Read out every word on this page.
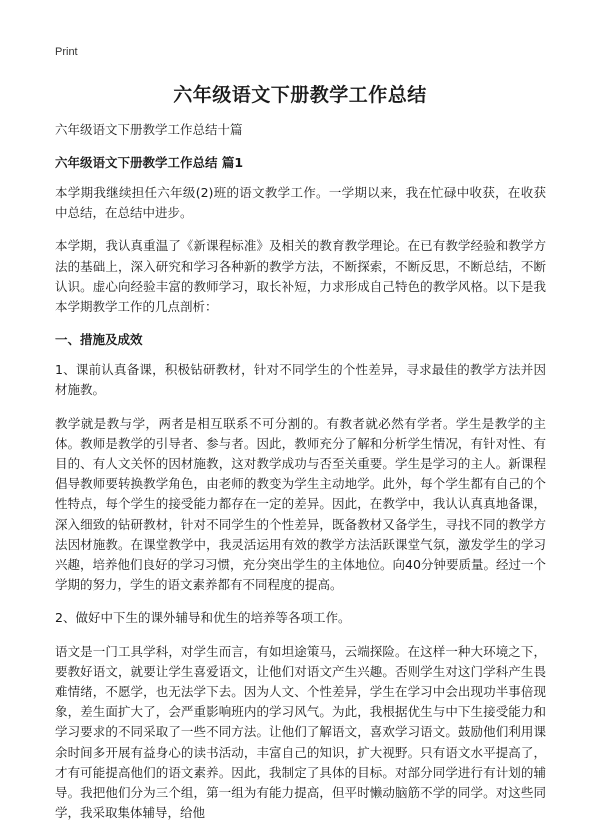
Print
六年级语文下册教学工作总结

六年级语文下册教学工作总结十篇

六年级语文下册教学工作总结 篇1

本学期我继续担任六年级(2)班的语文教学工作。一学期以来，我在忙碌中收获，在收获中总结，在总结中进步。

本学期，我认真重温了《新课程标准》及相关的教育教学理论。在已有教学经验和教学方法的基础上，深入研究和学习各种新的教学方法，不断探索，不断反思，不断总结，不断认识。虚心向经验丰富的教师学习，取长补短，力求形成自己特色的教学风格。以下是我本学期教学工作的几点剖析：

一、措施及成效

1、课前认真备课，积极钻研教材，针对不同学生的个性差异，寻求最佳的教学方法并因材施教。

教学就是教与学，两者是相互联系不可分割的。有教者就必然有学者。学生是教学的主体。教师是教学的引导者、参与者。因此，教师充分了解和分析学生情况，有针对性、有目的、有人文关怀的因材施教，这对教学成功与否至关重要。学生是学习的主人。新课程倡导教师要转换教学角色，由老师的教变为学生主动地学。此外，每个学生都有自己的个性特点，每个学生的接受能力都存在一定的差异。因此，在教学中，我认认真真地备课，深入细致的钻研教材，针对不同学生的个性差异，既备教材又备学生，寻找不同的教学方法因材施教。在课堂教学中，我灵活运用有效的教学方法活跃课堂气氛，激发学生的学习兴趣，培养他们良好的学习习惯，充分突出学生的主体地位。向40分钟要质量。经过一个学期的努力，学生的语文素养都有不同程度的提高。

2、做好中下生的课外辅导和优生的培养等各项工作。

语文是一门工具学科，对学生而言，有如坦途策马，云端探险。在这样一种大环境之下，要教好语文，就要让学生喜爱语文，让他们对语文产生兴趣。否则学生对这门学科产生畏难情绪，不愿学，也无法学下去。因为人文、个性差异，学生在学习中会出现功半事倍现象，差生面扩大了，会严重影响班内的学习风气。为此，我根据优生与中下生接受能力和学习要求的不同采取了一些不同方法。让他们了解语文，喜欢学习语文。鼓励他们利用课余时间多开展有益身心的读书活动，丰富自己的知识，扩大视野。只有语文水平提高了，才有可能提高他们的语文素养。因此，我制定了具体的目标。对部分同学进行有计划的辅导。我把他们分为三个组，第一组为有能力提高，但平时懒动脑筋不学的同学。对这些同学，我采取集体辅导，给他
